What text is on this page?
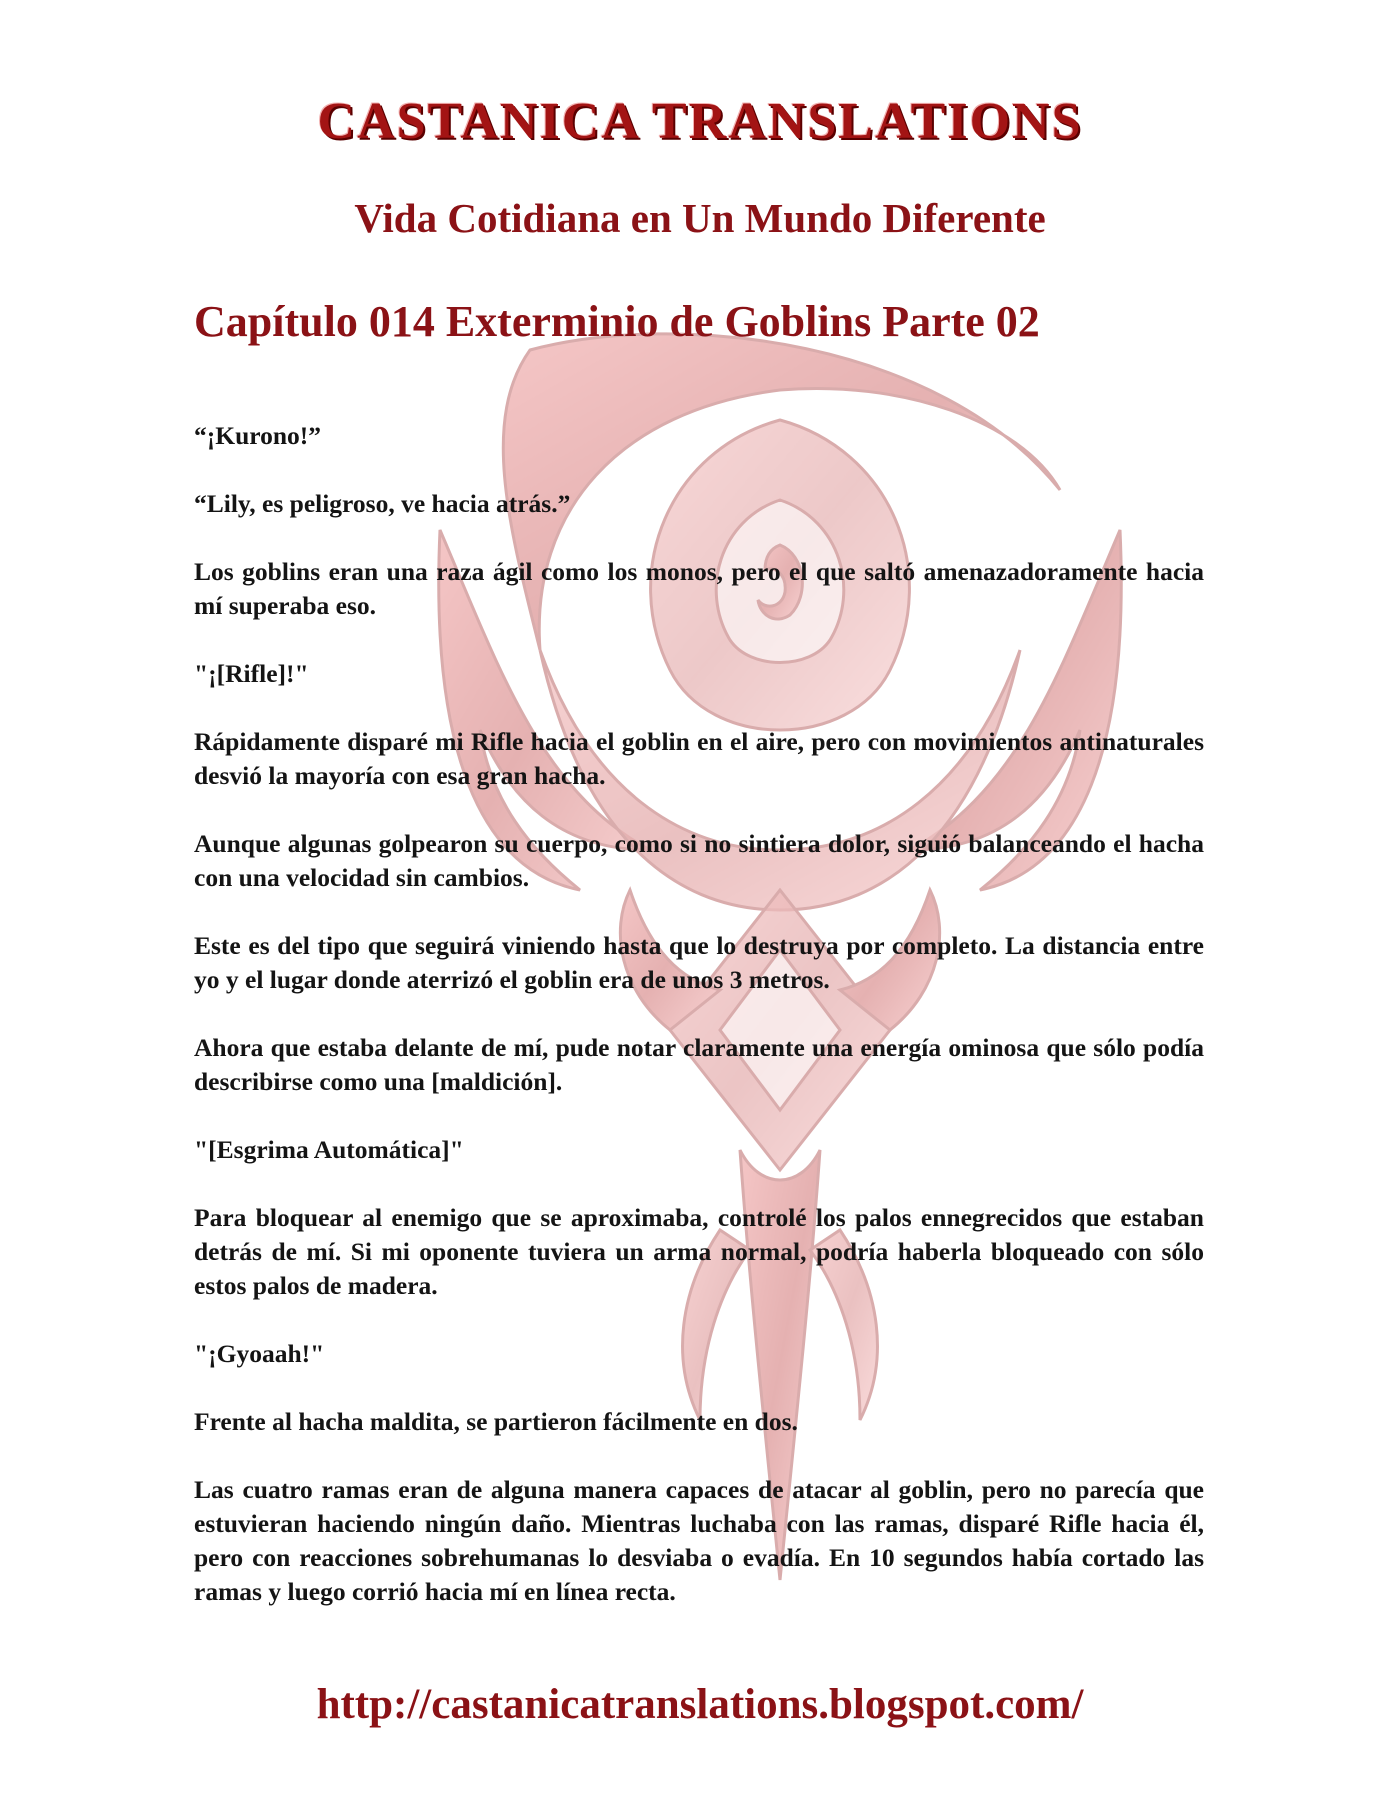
CASTANICA TRANSLATIONS
Vida Cotidiana en Un Mundo Diferente
Capítulo 014 Exterminio de Goblins Parte 02

“¡Kurono!”

“Lily, es peligroso, ve hacia atrás.”

Los goblins eran una raza ágil como los monos, pero el que saltó amenazadoramente hacia mí superaba eso.

"¡[Rifle]!"

Rápidamente disparé mi Rifle hacia el goblin en el aire, pero con movimientos antinaturales desvió la mayoría con esa gran hacha.

Aunque algunas golpearon su cuerpo, como si no sintiera dolor, siguió balanceando el hacha con una velocidad sin cambios.

Este es del tipo que seguirá viniendo hasta que lo destruya por completo. La distancia entre yo y el lugar donde aterrizó el goblin era de unos 3 metros.

Ahora que estaba delante de mí, pude notar claramente una energía ominosa que sólo podía describirse como una [maldición].

"[Esgrima Automática]"

Para bloquear al enemigo que se aproximaba, controlé los palos ennegrecidos que estaban detrás de mí. Si mi oponente tuviera un arma normal, podría haberla bloqueado con sólo estos palos de madera.

"¡Gyoaah!"

Frente al hacha maldita, se partieron fácilmente en dos.

Las cuatro ramas eran de alguna manera capaces de atacar al goblin, pero no parecía que estuvieran haciendo ningún daño. Mientras luchaba con las ramas, disparé Rifle hacia él, pero con reacciones sobrehumanas lo desviaba o evadía. En 10 segundos había cortado las ramas y luego corrió hacia mí en línea recta.

http://castanicatranslations.blogspot.com/
